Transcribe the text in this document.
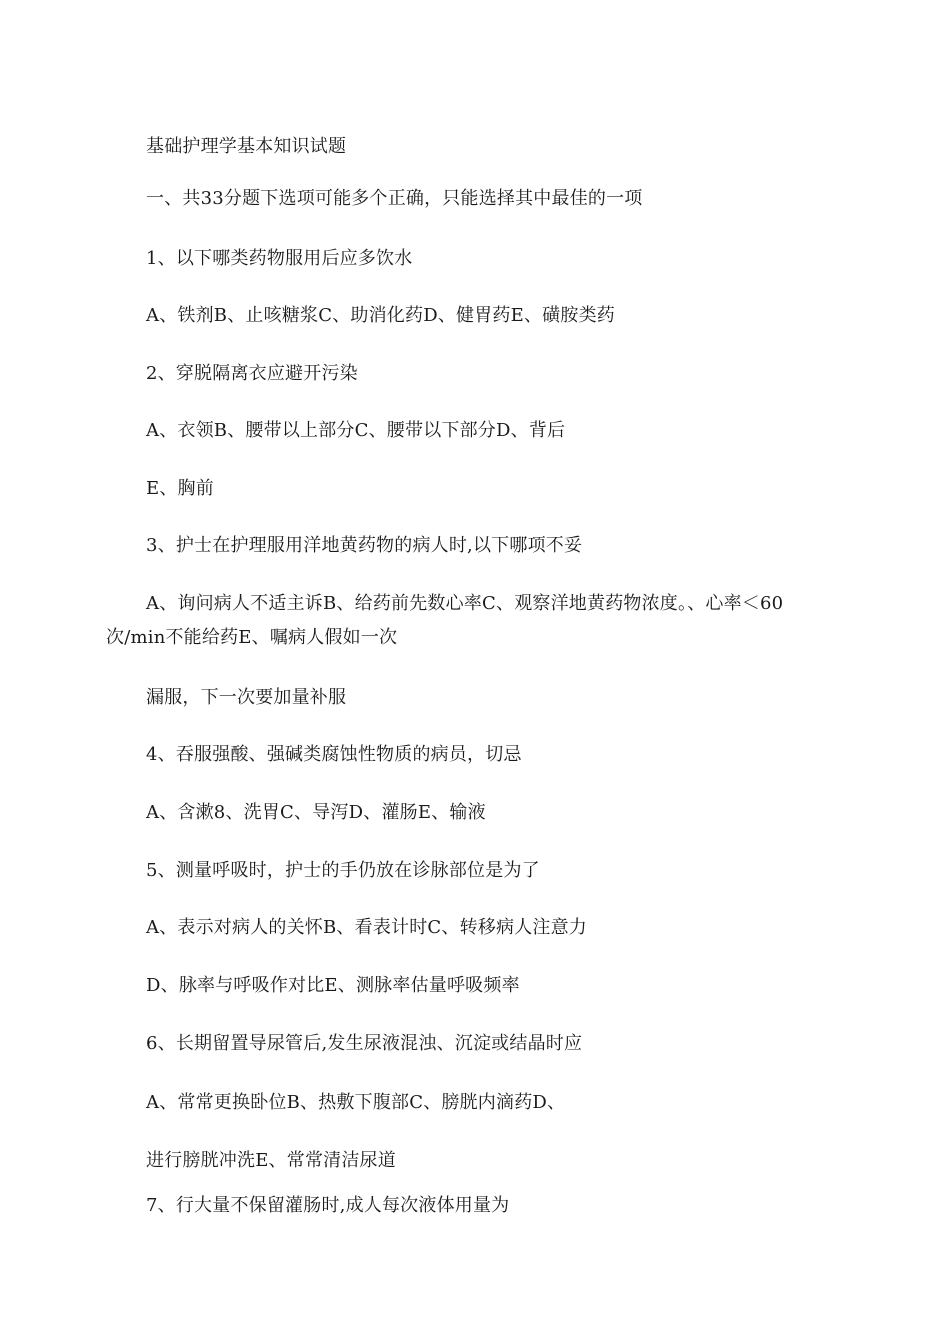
基础护理学基本知识试题
一、共33分题下选项可能多个正确，只能选择其中最佳的一项
1、以下哪类药物服用后应多饮水
A、铁剂B、止咳糖浆C、助消化药D、健胃药E、磺胺类药
2、穿脱隔离衣应避开污染
A、衣领B、腰带以上部分C、腰带以下部分D、背后
E、胸前
3、护士在护理服用洋地黄药物的病人时,以下哪项不妥
A、询问病人不适主诉B、给药前先数心率C、观察洋地黄药物浓度。、心率＜60
次/min不能给药E、嘱病人假如一次
漏服，下一次要加量补服
4、吞服强酸、强碱类腐蚀性物质的病员，切忌
A、含漱8、洗胃C、导泻D、灌肠E、输液
5、测量呼吸时，护士的手仍放在诊脉部位是为了
A、表示对病人的关怀B、看表计时C、转移病人注意力
D、脉率与呼吸作对比E、测脉率估量呼吸频率
6、长期留置导尿管后,发生尿液混浊、沉淀或结晶时应
A、常常更换卧位B、热敷下腹部C、膀胱内滴药D、
进行膀胱冲洗E、常常清洁尿道
7、行大量不保留灌肠时,成人每次液体用量为
